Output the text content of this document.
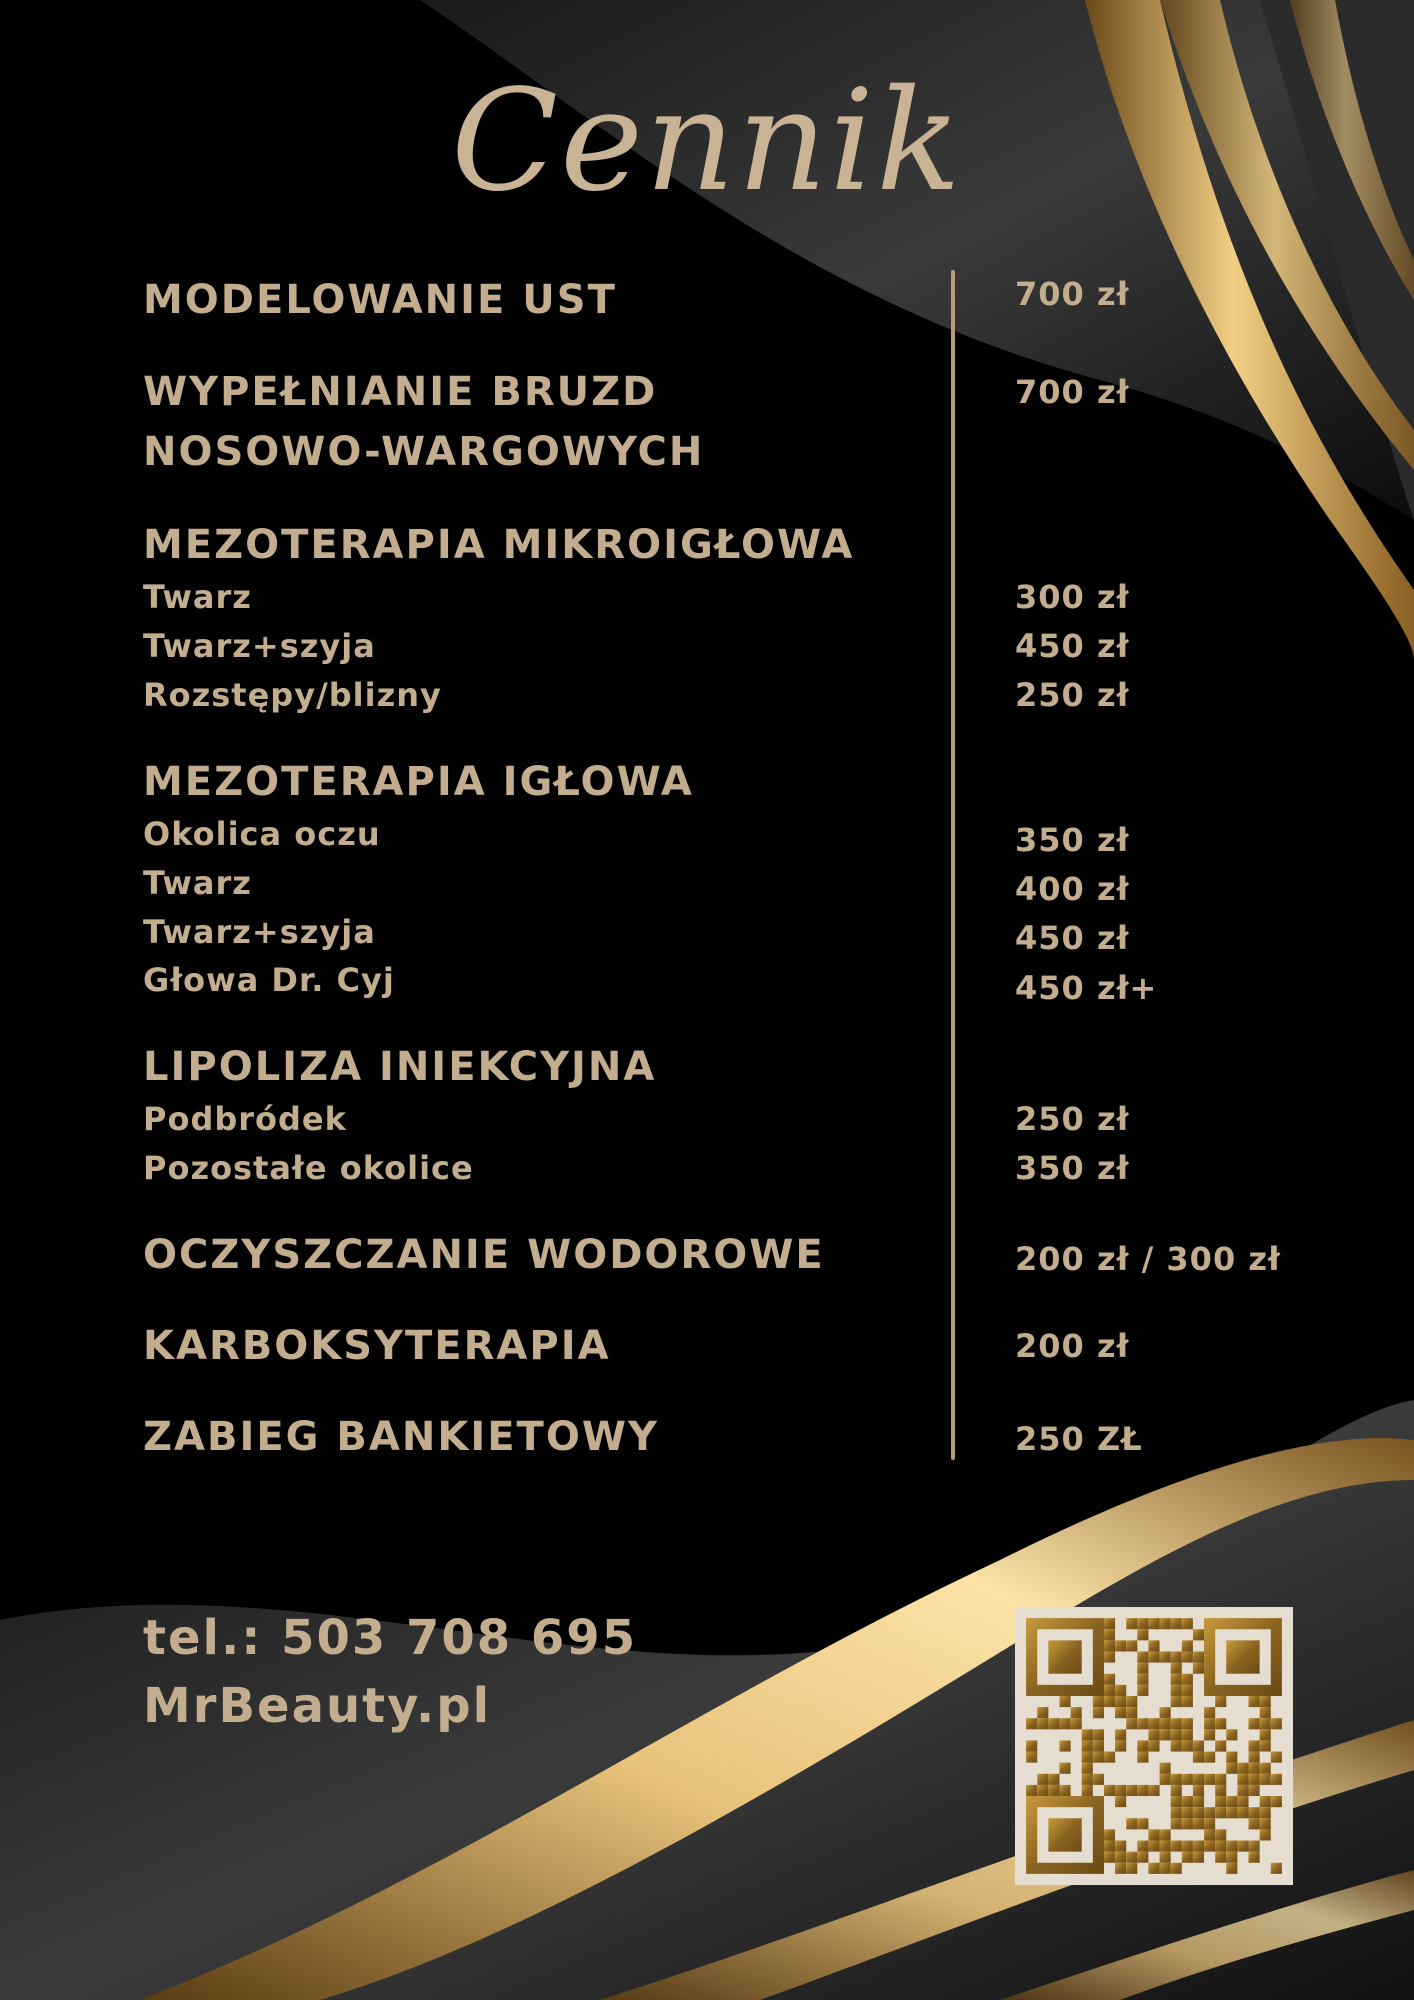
Cennik
MODELOWANIE UST	700 zł
WYPEŁNIANIE BRUZD
NOSOWO-WARGOWYCH
700 zł
MEZOTERAPIA MIKROIGŁOWA
Twarz	300 zł
Twarz+szyja	450 zł
Rozstępy/blizny	250 zł
MEZOTERAPIA IGŁOWA
Okolica oczu	350 zł
Twarz	400 zł
Twarz+szyja	450 zł
Głowa Dr. Cyj	450 zł+
LIPOLIZA INIEKCYJNA
Podbródek	250 zł
Pozostałe okolice	350 zł
OCZYSZCZANIE WODOROWE	200 zł / 300 zł
KARBOKSYTERAPIA	200 zł
ZABIEG BANKIETOWY	250 ZŁ
tel.: 503 708 695
MrBeauty.pl
